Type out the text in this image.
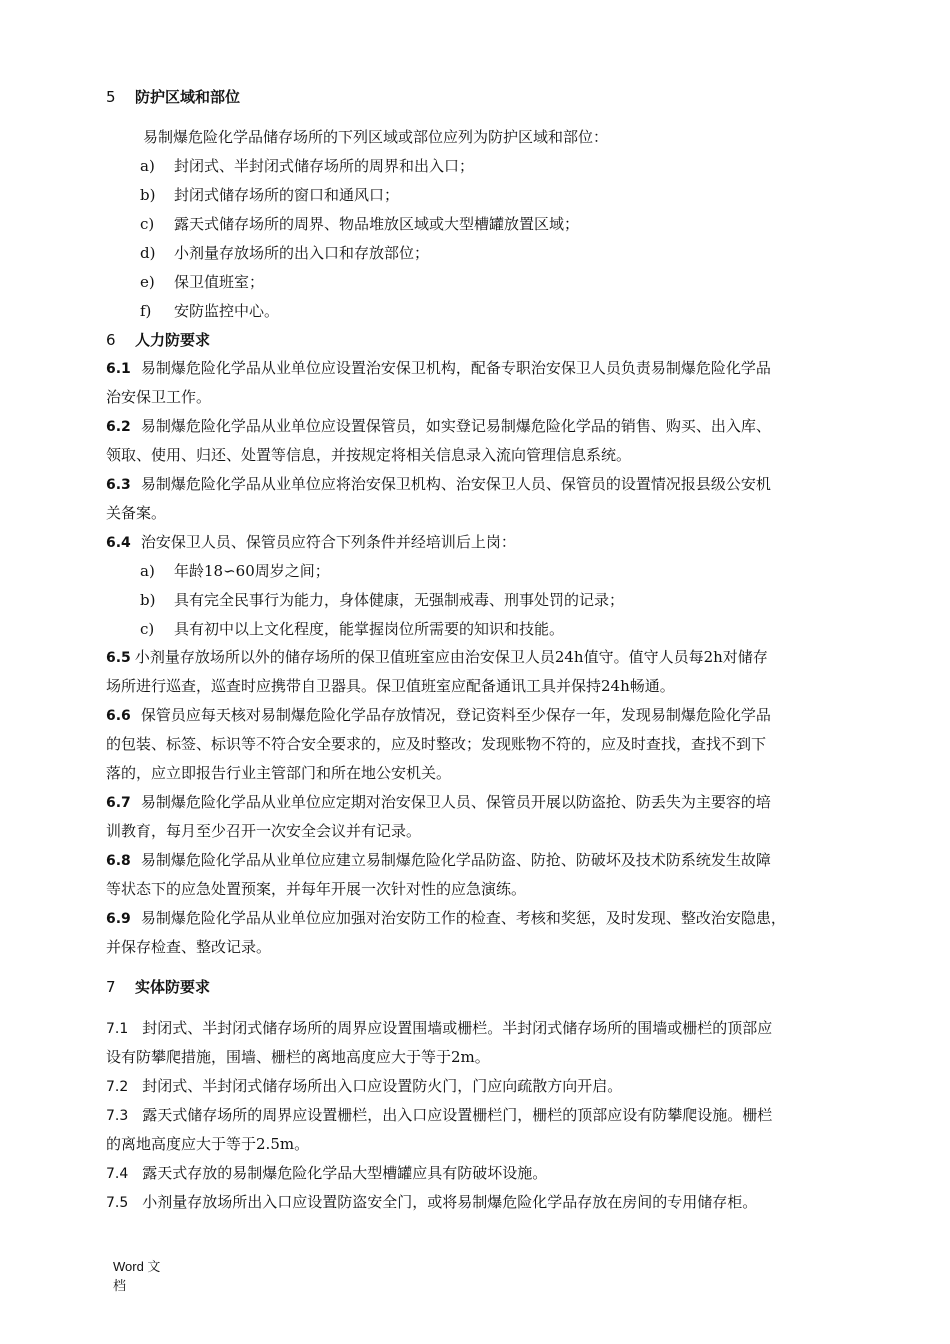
5 防护区域和部位
易制爆危险化学品储存场所的下列区域或部位应列为防护区域和部位：
a) 封闭式、半封闭式储存场所的周界和出入口；
b) 封闭式储存场所的窗口和通风口；
c) 露天式储存场所的周界、物品堆放区域或大型槽罐放置区域；
d) 小剂量存放场所的出入口和存放部位；
e) 保卫值班室；
f) 安防监控中心。
6 人力防要求
6.1 易制爆危险化学品从业单位应设置治安保卫机构，配备专职治安保卫人员负责易制爆危险化学品
治安保卫工作。
6.2 易制爆危险化学品从业单位应设置保管员，如实登记易制爆危险化学品的销售、购买、出入库、
领取、使用、归还、处置等信息，并按规定将相关信息录入流向管理信息系统。
6.3 易制爆危险化学品从业单位应将治安保卫机构、治安保卫人员、保管员的设置情况报县级公安机
关备案。
6.4 治安保卫人员、保管员应符合下列条件并经培训后上岗：
a) 年龄18∽60周岁之间；
b) 具有完全民事行为能力，身体健康，无强制戒毒、刑事处罚的记录；
c) 具有初中以上文化程度，能掌握岗位所需要的知识和技能。
6.5 小剂量存放场所以外的储存场所的保卫值班室应由治安保卫人员24h值守。值守人员每2h对储存
场所进行巡查，巡查时应携带自卫器具。保卫值班室应配备通讯工具并保持24h畅通。
6.6 保管员应每天核对易制爆危险化学品存放情况，登记资料至少保存一年，发现易制爆危险化学品
的包装、标签、标识等不符合安全要求的，应及时整改；发现账物不符的，应及时查找，查找不到下
落的，应立即报告行业主管部门和所在地公安机关。
6.7 易制爆危险化学品从业单位应定期对治安保卫人员、保管员开展以防盗抢、防丢失为主要容的培
训教育，每月至少召开一次安全会议并有记录。
6.8 易制爆危险化学品从业单位应建立易制爆危险化学品防盗、防抢、防破坏及技术防系统发生故障
等状态下的应急处置预案，并每年开展一次针对性的应急演练。
6.9 易制爆危险化学品从业单位应加强对治安防工作的检查、考核和奖惩，及时发现、整改治安隐患，
并保存检查、整改记录。
7 实体防要求
7.1 封闭式、半封闭式储存场所的周界应设置围墙或栅栏。半封闭式储存场所的围墙或栅栏的顶部应
设有防攀爬措施，围墙、栅栏的离地高度应大于等于2m。
7.2 封闭式、半封闭式储存场所出入口应设置防火门，门应向疏散方向开启。
7.3 露天式储存场所的周界应设置栅栏，出入口应设置栅栏门，栅栏的顶部应设有防攀爬设施。栅栏
的离地高度应大于等于2.5m。
7.4 露天式存放的易制爆危险化学品大型槽罐应具有防破坏设施。
7.5 小剂量存放场所出入口应设置防盗安全门，或将易制爆危险化学品存放在房间的专用储存柜。
Word 文档
